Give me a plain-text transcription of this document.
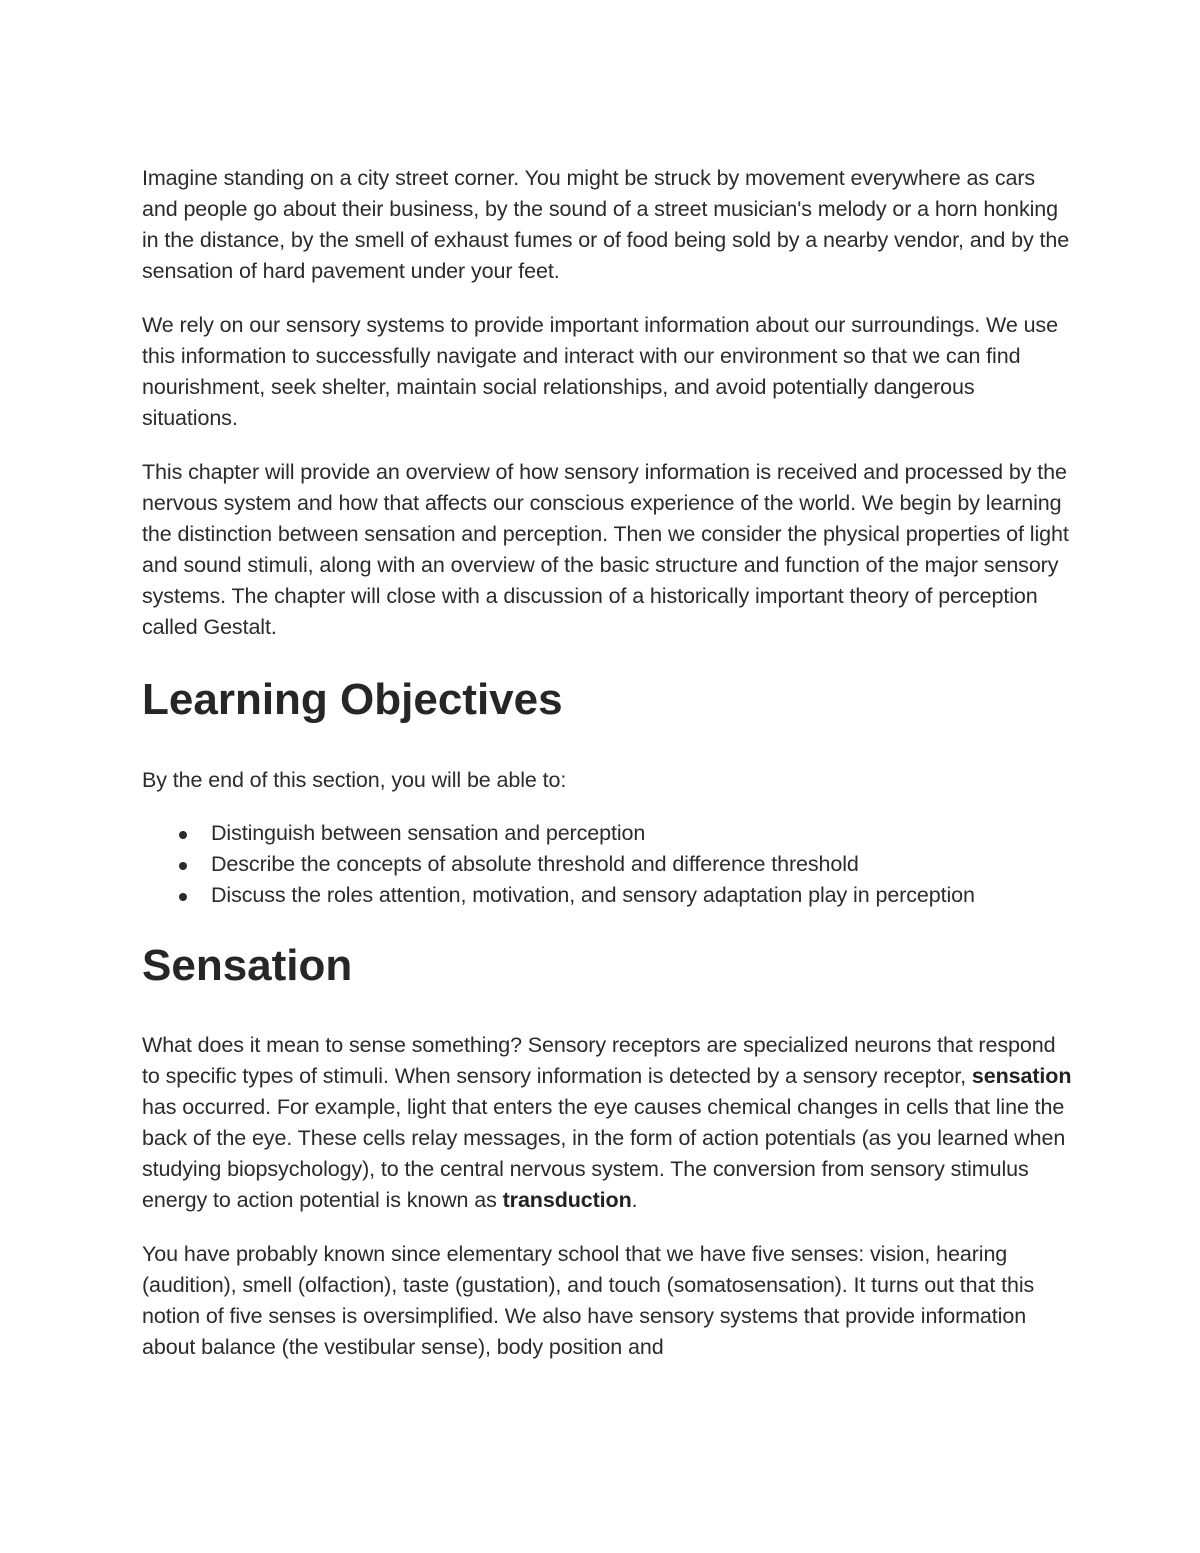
Imagine standing on a city street corner. You might be struck by movement everywhere as cars and people go about their business, by the sound of a street musician's melody or a horn honking in the distance, by the smell of exhaust fumes or of food being sold by a nearby vendor, and by the sensation of hard pavement under your feet.

We rely on our sensory systems to provide important information about our surroundings. We use this information to successfully navigate and interact with our environment so that we can find nourishment, seek shelter, maintain social relationships, and avoid potentially dangerous situations.

This chapter will provide an overview of how sensory information is received and processed by the nervous system and how that affects our conscious experience of the world. We begin by learning the distinction between sensation and perception. Then we consider the physical properties of light and sound stimuli, along with an overview of the basic structure and function of the major sensory systems. The chapter will close with a discussion of a historically important theory of perception called Gestalt.

Learning Objectives

By the end of this section, you will be able to:

Distinguish between sensation and perception
Describe the concepts of absolute threshold and difference threshold
Discuss the roles attention, motivation, and sensory adaptation play in perception
Sensation

What does it mean to sense something? Sensory receptors are specialized neurons that respond to specific types of stimuli. When sensory information is detected by a sensory receptor, sensation has occurred. For example, light that enters the eye causes chemical changes in cells that line the back of the eye. These cells relay messages, in the form of action potentials (as you learned when studying biopsychology), to the central nervous system. The conversion from sensory stimulus energy to action potential is known as transduction.

You have probably known since elementary school that we have five senses: vision, hearing (audition), smell (olfaction), taste (gustation), and touch (somatosensation). It turns out that this notion of five senses is oversimplified. We also have sensory systems that provide information about balance (the vestibular sense), body position and
